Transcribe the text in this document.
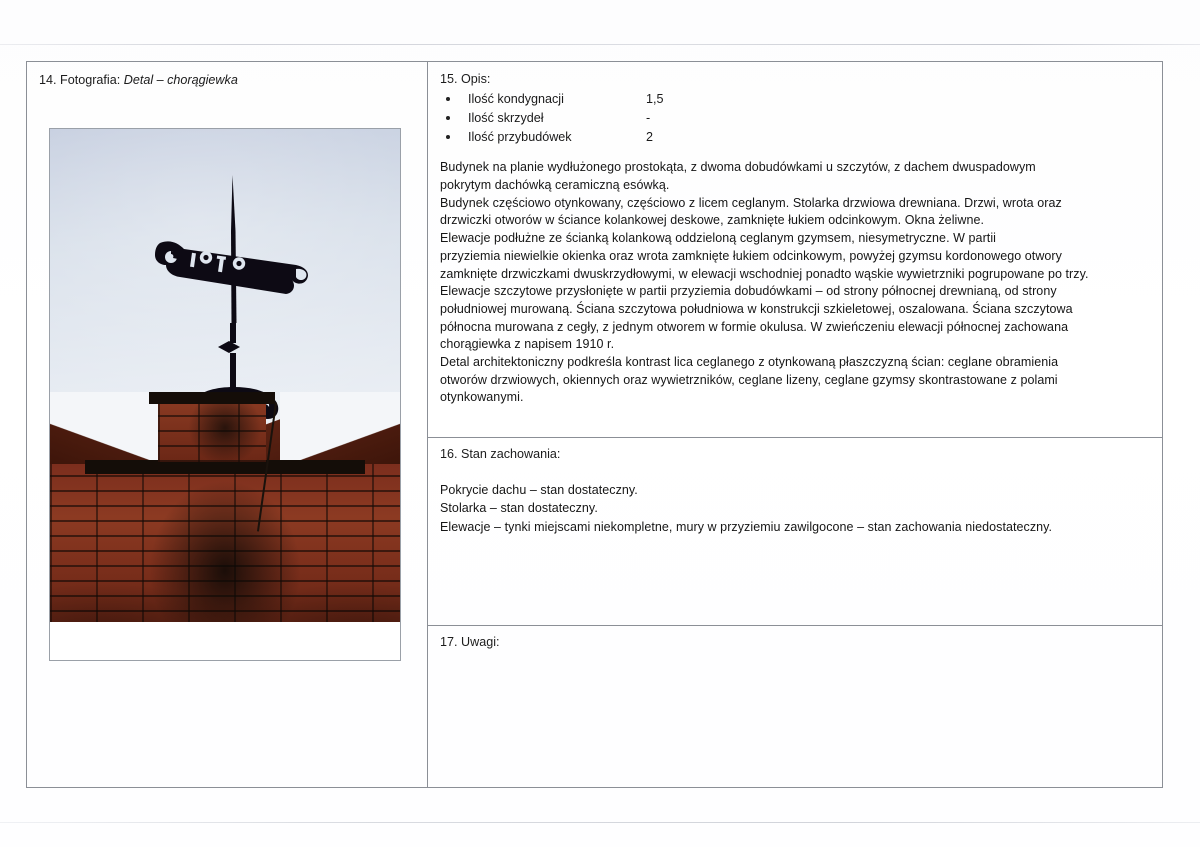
14. Fotografia: Detal – chorągiewka	15. Opis:
Ilość kondygnacji	1,5
Ilość skrzydeł	-
Ilość przybudówek	2
Budynek na planie wydłużonego prostokąta, z dwoma dobudówkami u szczytów, z dachem dwuspadowym
pokrytym dachówką ceramiczną esówką.
Budynek częściowo otynkowany, częściowo z licem ceglanym. Stolarka drzwiowa drewniana. Drzwi, wrota oraz
drzwiczki otworów w ściance kolankowej deskowe, zamknięte łukiem odcinkowym. Okna żeliwne.
Elewacje podłużne ze ścianką kolankową oddzieloną ceglanym gzymsem, niesymetryczne. W partii
przyziemia niewielkie okienka oraz wrota zamknięte łukiem odcinkowym, powyżej gzymsu kordonowego otwory
zamknięte drzwiczkami dwuskrzydłowymi, w elewacji wschodniej ponadto wąskie wywietrzniki pogrupowane po trzy.
Elewacje szczytowe przysłonięte w partii przyziemia dobudówkami – od strony północnej drewnianą, od strony
południowej murowaną. Ściana szczytowa południowa w konstrukcji szkieletowej, oszalowana. Ściana szczytowa
północna murowana z cegły, z jednym otworem w formie okulusa. W zwieńczeniu elewacji północnej zachowana
chorągiewka z napisem 1910 r.
Detal architektoniczny podkreśla kontrast lica ceglanego z otynkowaną płaszczyzną ścian: ceglane obramienia
otworów drzwiowych, okiennych oraz wywietrzników, ceglane lizeny, ceglane gzymsy skontrastowane z polami
otynkowanymi.
16. Stan zachowania:
Pokrycie dachu – stan dostateczny.
Stolarka – stan dostateczny.
Elewacje – tynki miejscami niekompletne, mury w przyziemiu zawilgocone – stan zachowania niedostateczny.
17. Uwagi:
